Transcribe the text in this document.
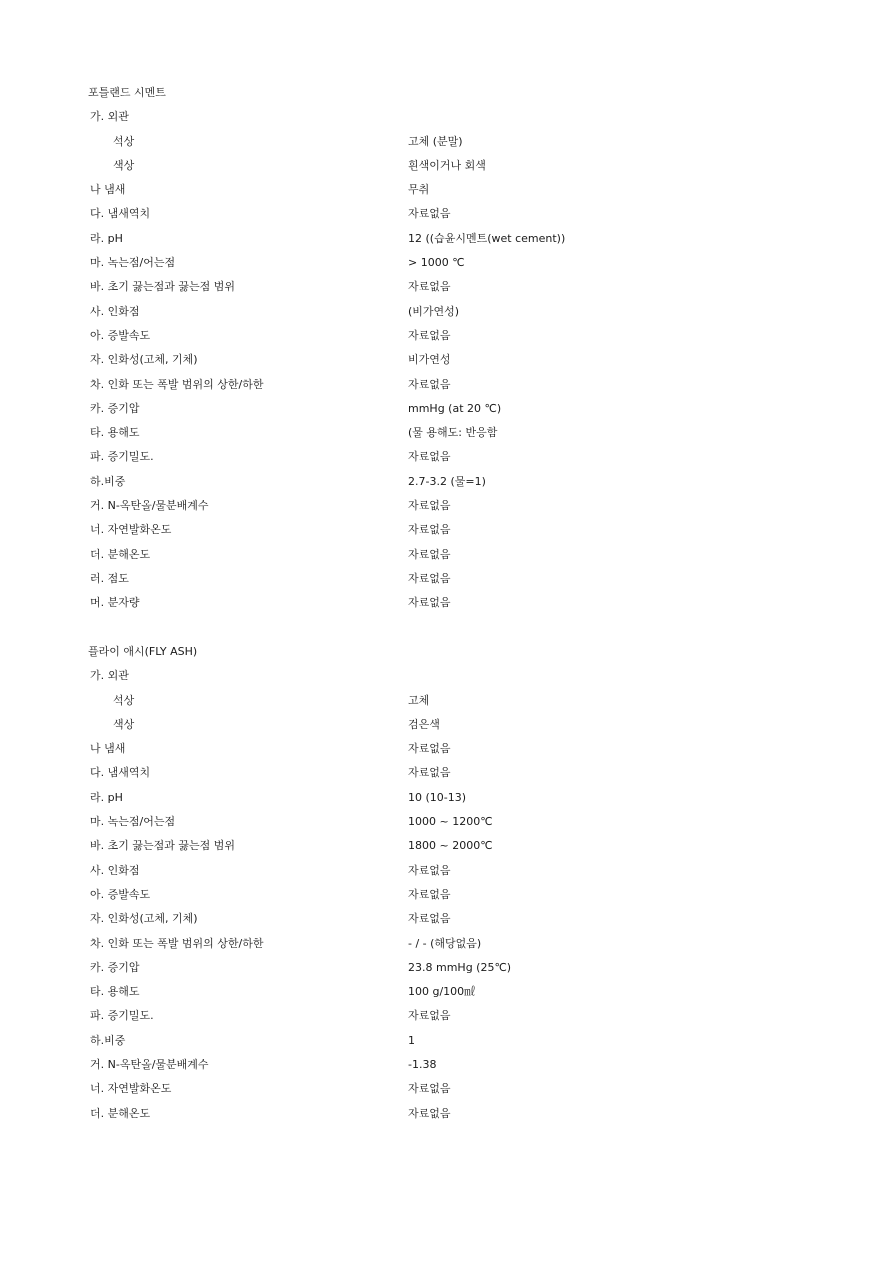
포틀랜드 시멘트
가. 외관
석상	고체 (분말)
색상	흰색이거나 회색
나 냄새	무취
다. 냄새역치	자료없음
라. pH	12 ((습윤시멘트(wet cement))
마. 녹는점/어는점	> 1000 ℃
바. 초기 끓는점과 끓는점 범위	자료없음
사. 인화점	(비가연성)
아. 증발속도	자료없음
자. 인화성(고체, 기체)	비가연성
차. 인화 또는 폭발 범위의 상한/하한	자료없음
카. 증기압	mmHg (at 20 ℃)
타. 용해도	(물 용해도: 반응함
파. 증기밀도.	자료없음
하.비중	2.7-3.2 (물=1)
거. N-옥탄올/물분배계수	자료없음
너. 자연발화온도	자료없음
더. 분해온도	자료없음
러. 점도	자료없음
머. 분자량	자료없음
플라이 애시(FLY ASH)
가. 외관
석상	고체
색상	검은색
나 냄새	자료없음
다. 냄새역치	자료없음
라. pH	10 (10-13)
마. 녹는점/어는점	1000 ~ 1200℃
바. 초기 끓는점과 끓는점 범위	1800 ~ 2000℃
사. 인화점	자료없음
아. 증발속도	자료없음
자. 인화성(고체, 기체)	자료없음
차. 인화 또는 폭발 범위의 상한/하한	- / - (해당없음)
카. 증기압	23.8 mmHg (25℃)
타. 용해도	100 g/100㎖
파. 증기밀도.	자료없음
하.비중	1
거. N-옥탄올/물분배계수	-1.38
너. 자연발화온도	자료없음
더. 분해온도	자료없음
